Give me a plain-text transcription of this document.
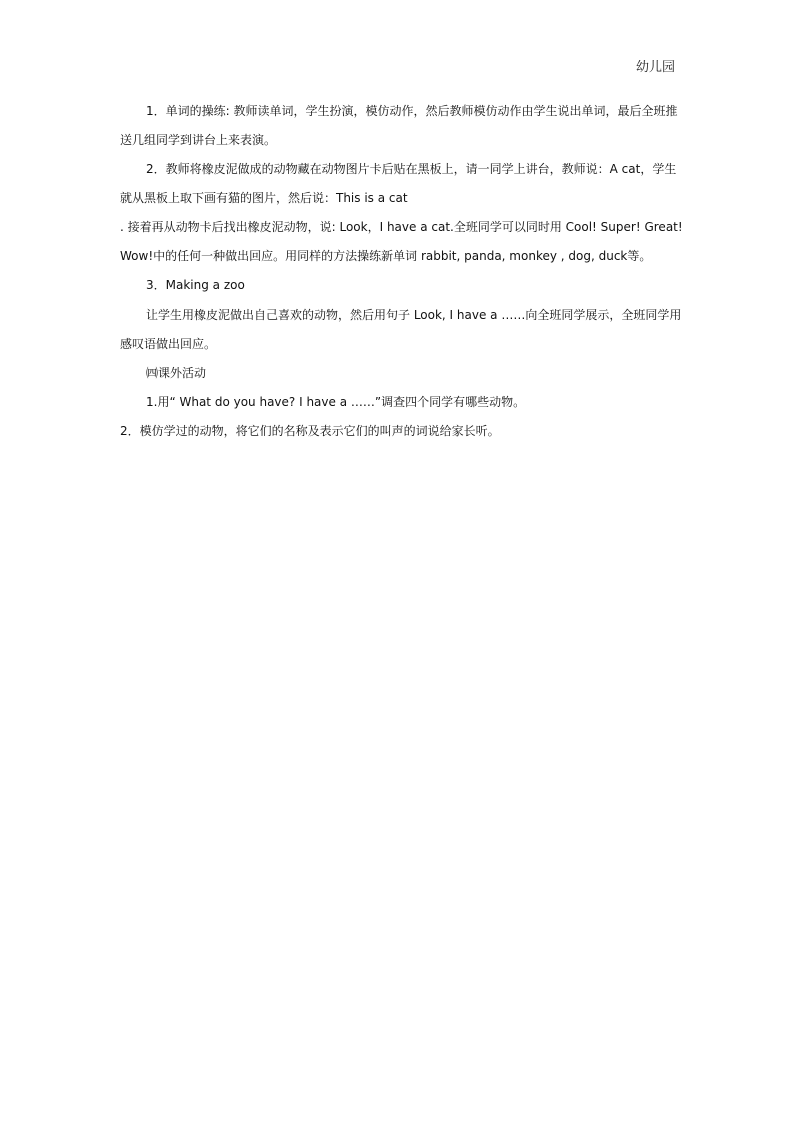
幼儿园
1．单词的操练: 教师读单词，学生扮演，模仿动作，然后教师模仿动作由学生说出单词，最后全班推
送几组同学到讲台上来表演。
2．教师将橡皮泥做成的动物藏在动物图片卡后贴在黑板上，请一同学上讲台，教师说：A cat，学生
就从黑板上取下画有猫的图片，然后说：This is a cat
. 接着再从动物卡后找出橡皮泥动物，说: Look，I have a cat.全班同学可以同时用 Cool! Super! Great!
Wow!中的任何一种做出回应。用同样的方法操练新单词 rabbit, panda, monkey , dog, duck等。
3．Making a zoo
让学生用橡皮泥做出自己喜欢的动物，然后用句子 Look, I have a ……向全班同学展示，全班同学用
感叹语做出回应。
㈣课外活动
1.用“ What do you have? I have a ……”调查四个同学有哪些动物。
2．模仿学过的动物，将它们的名称及表示它们的叫声的词说给家长听。
